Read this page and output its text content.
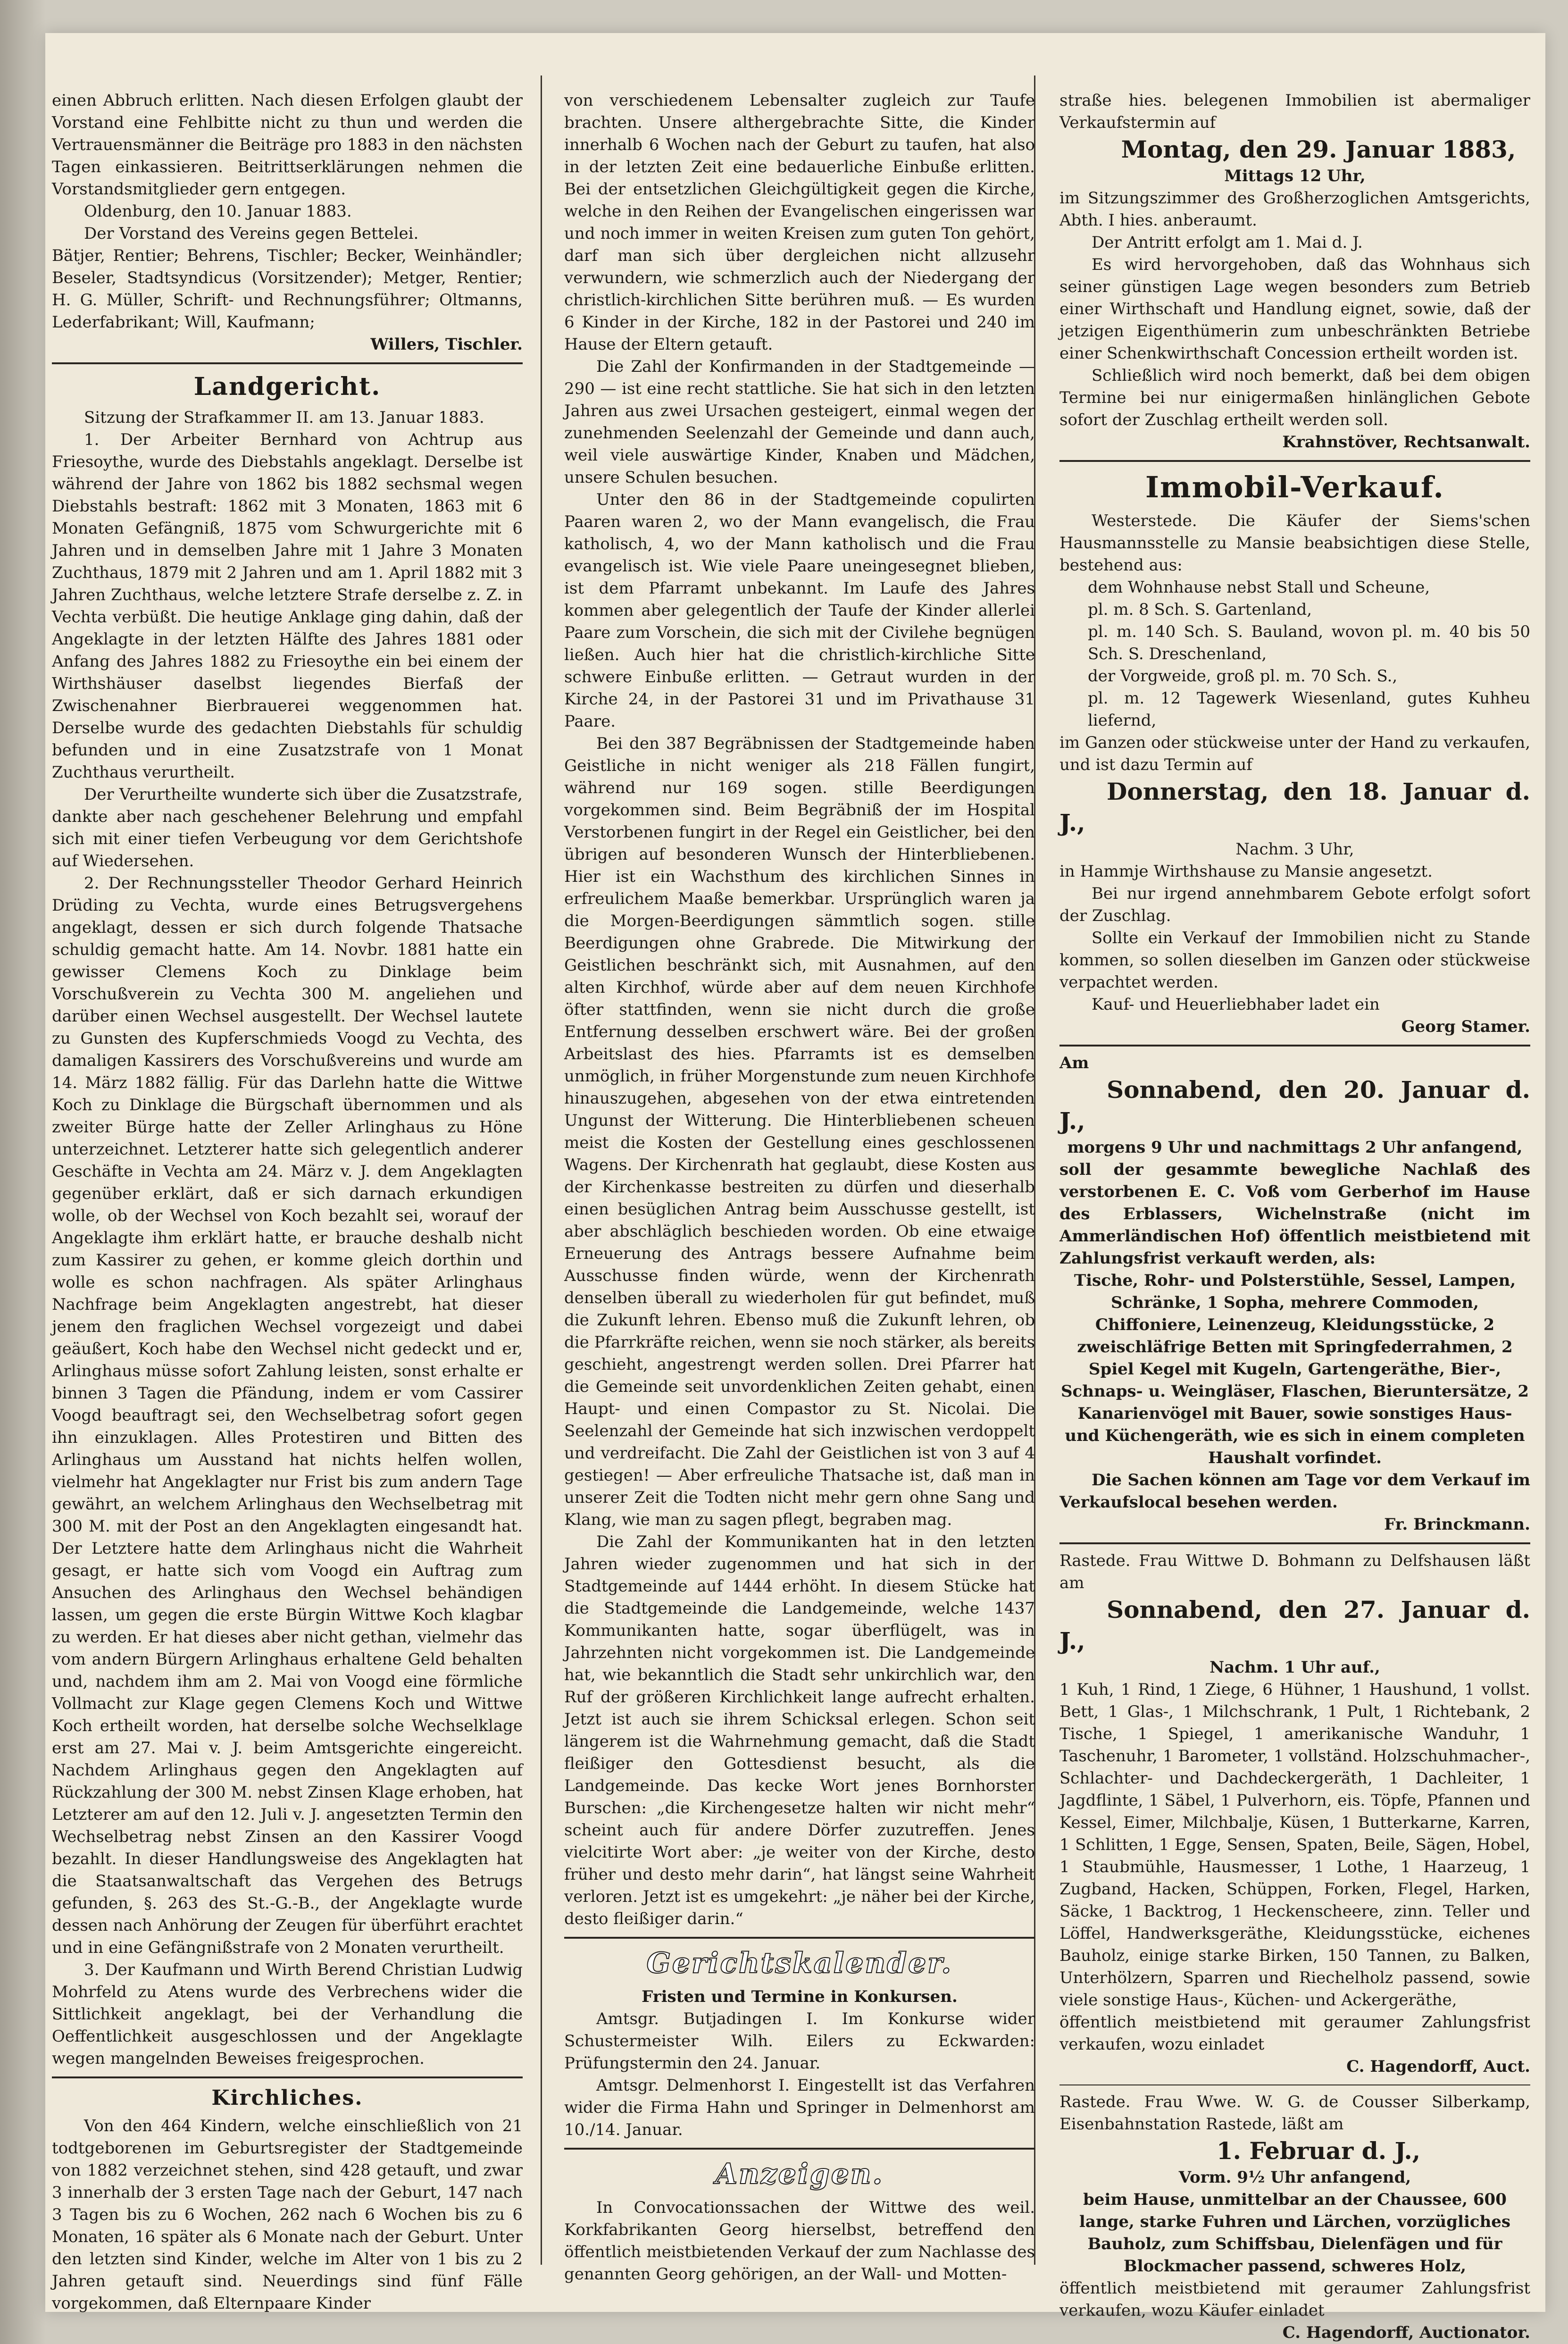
einen Abbruch erlitten. Nach diesen Erfolgen glaubt der Vorstand eine Fehlbitte nicht zu thun und werden die Vertrauensmänner die Beiträge pro 1883 in den nächsten Tagen einkassieren. Beitrittserklärungen nehmen die Vorstandsmitglieder gern entgegen.

Oldenburg, den 10. Januar 1883.

Der Vorstand des Vereins gegen Bettelei.

Bätjer, Rentier; Behrens, Tischler; Becker, Weinhändler; Beseler, Stadtsyndicus (Vorsitzender); Metger, Rentier; H. G. Müller, Schrift- und Rechnungsführer; Oltmanns, Lederfabrikant; Will, Kaufmann;

Willers, Tischler.

Landgericht.

Sitzung der Strafkammer II. am 13. Januar 1883.

1. Der Arbeiter Bernhard von Achtrup aus Friesoythe, wurde des Diebstahls angeklagt. Derselbe ist während der Jahre von 1862 bis 1882 sechsmal wegen Diebstahls bestraft: 1862 mit 3 Monaten, 1863 mit 6 Monaten Gefängniß, 1875 vom Schwurgerichte mit 6 Jahren und in demselben Jahre mit 1 Jahre 3 Monaten Zuchthaus, 1879 mit 2 Jahren und am 1. April 1882 mit 3 Jahren Zuchthaus, welche letztere Strafe derselbe z. Z. in Vechta verbüßt. Die heutige Anklage ging dahin, daß der Angeklagte in der letzten Hälfte des Jahres 1881 oder Anfang des Jahres 1882 zu Friesoythe ein bei einem der Wirthshäuser daselbst liegendes Bierfaß der Zwischenahner Bierbrauerei weggenommen hat. Derselbe wurde des gedachten Diebstahls für schuldig befunden und in eine Zusatzstrafe von 1 Monat Zuchthaus verurtheilt.

Der Verurtheilte wunderte sich über die Zusatzstrafe, dankte aber nach geschehener Belehrung und empfahl sich mit einer tiefen Verbeugung vor dem Gerichtshofe auf Wiedersehen.

2. Der Rechnungssteller Theodor Gerhard Heinrich Drüding zu Vechta, wurde eines Betrugsvergehens angeklagt, dessen er sich durch folgende Thatsache schuldig gemacht hatte. Am 14. Novbr. 1881 hatte ein gewisser Clemens Koch zu Dinklage beim Vorschußverein zu Vechta 300 M. angeliehen und darüber einen Wechsel ausgestellt. Der Wechsel lautete zu Gunsten des Kupferschmieds Voogd zu Vechta, des damaligen Kassirers des Vorschußvereins und wurde am 14. März 1882 fällig. Für das Darlehn hatte die Wittwe Koch zu Dinklage die Bürgschaft übernommen und als zweiter Bürge hatte der Zeller Arlinghaus zu Höne unterzeichnet. Letzterer hatte sich gelegentlich anderer Geschäfte in Vechta am 24. März v. J. dem Angeklagten gegenüber erklärt, daß er sich darnach erkundigen wolle, ob der Wechsel von Koch bezahlt sei, worauf der Angeklagte ihm erklärt hatte, er brauche deshalb nicht zum Kassirer zu gehen, er komme gleich dorthin und wolle es schon nachfragen. Als später Arlinghaus Nachfrage beim Angeklagten angestrebt, hat dieser jenem den fraglichen Wechsel vorgezeigt und dabei geäußert, Koch habe den Wechsel nicht gedeckt und er, Arlinghaus müsse sofort Zahlung leisten, sonst erhalte er binnen 3 Tagen die Pfändung, indem er vom Cassirer Voogd beauftragt sei, den Wechselbetrag sofort gegen ihn einzuklagen. Alles Protestiren und Bitten des Arlinghaus um Ausstand hat nichts helfen wollen, vielmehr hat Angeklagter nur Frist bis zum andern Tage gewährt, an welchem Arlinghaus den Wechselbetrag mit 300 M. mit der Post an den Angeklagten eingesandt hat. Der Letztere hatte dem Arlinghaus nicht die Wahrheit gesagt, er hatte sich vom Voogd ein Auftrag zum Ansuchen des Arlinghaus den Wechsel behändigen lassen, um gegen die erste Bürgin Wittwe Koch klagbar zu werden. Er hat dieses aber nicht gethan, vielmehr das vom andern Bürgern Arlinghaus erhaltene Geld behalten und, nachdem ihm am 2. Mai von Voogd eine förmliche Vollmacht zur Klage gegen Clemens Koch und Wittwe Koch ertheilt worden, hat derselbe solche Wechselklage erst am 27. Mai v. J. beim Amtsgerichte eingereicht. Nachdem Arlinghaus gegen den Angeklagten auf Rückzahlung der 300 M. nebst Zinsen Klage erhoben, hat Letzterer am auf den 12. Juli v. J. angesetzten Termin den Wechselbetrag nebst Zinsen an den Kassirer Voogd bezahlt. In dieser Handlungsweise des Angeklagten hat die Staatsanwaltschaft das Vergehen des Betrugs gefunden, §. 263 des St.-G.-B., der Angeklagte wurde dessen nach Anhörung der Zeugen für überführt erachtet und in eine Gefängnißstrafe von 2 Monaten verurtheilt.

3. Der Kaufmann und Wirth Berend Christian Ludwig Mohrfeld zu Atens wurde des Verbrechens wider die Sittlichkeit angeklagt, bei der Verhandlung die Oeffentlichkeit ausgeschlossen und der Angeklagte wegen mangelnden Beweises freigesprochen.

Kirchliches.

Von den 464 Kindern, welche einschließlich von 21 todtgeborenen im Geburtsregister der Stadtgemeinde von 1882 verzeichnet stehen, sind 428 getauft, und zwar 3 innerhalb der 3 ersten Tage nach der Geburt, 147 nach 3 Tagen bis zu 6 Wochen, 262 nach 6 Wochen bis zu 6 Monaten, 16 später als 6 Monate nach der Geburt. Unter den letzten sind Kinder, welche im Alter von 1 bis zu 2 Jahren getauft sind. Neuerdings sind fünf Fälle vorgekommen, daß Elternpaare Kinder

von verschiedenem Lebensalter zugleich zur Taufe brachten. Unsere althergebrachte Sitte, die Kinder innerhalb 6 Wochen nach der Geburt zu taufen, hat also in der letzten Zeit eine bedauerliche Einbuße erlitten. Bei der entsetzlichen Gleichgültigkeit gegen die Kirche, welche in den Reihen der Evangelischen eingerissen war und noch immer in weiten Kreisen zum guten Ton gehört, darf man sich über dergleichen nicht allzusehr verwundern, wie schmerzlich auch der Niedergang der christlich-kirchlichen Sitte berühren muß. — Es wurden 6 Kinder in der Kirche, 182 in der Pastorei und 240 im Hause der Eltern getauft.

Die Zahl der Konfirmanden in der Stadtgemeinde — 290 — ist eine recht stattliche. Sie hat sich in den letzten Jahren aus zwei Ursachen gesteigert, einmal wegen der zunehmenden Seelenzahl der Gemeinde und dann auch, weil viele auswärtige Kinder, Knaben und Mädchen, unsere Schulen besuchen.

Unter den 86 in der Stadtgemeinde copulirten Paaren waren 2, wo der Mann evangelisch, die Frau katholisch, 4, wo der Mann katholisch und die Frau evangelisch ist. Wie viele Paare uneingesegnet blieben, ist dem Pfarramt unbekannt. Im Laufe des Jahres kommen aber gelegentlich der Taufe der Kinder allerlei Paare zum Vorschein, die sich mit der Civilehe begnügen ließen. Auch hier hat die christlich-kirchliche Sitte schwere Einbuße erlitten. — Getraut wurden in der Kirche 24, in der Pastorei 31 und im Privathause 31 Paare.

Bei den 387 Begräbnissen der Stadtgemeinde haben Geistliche in nicht weniger als 218 Fällen fungirt, während nur 169 sogen. stille Beerdigungen vorgekommen sind. Beim Begräbniß der im Hospital Verstorbenen fungirt in der Regel ein Geistlicher, bei den übrigen auf besonderen Wunsch der Hinterbliebenen. Hier ist ein Wachsthum des kirchlichen Sinnes in erfreulichem Maaße bemerkbar. Ursprünglich waren ja die Morgen-Beerdigungen sämmtlich sogen. stille Beerdigungen ohne Grabrede. Die Mitwirkung der Geistlichen beschränkt sich, mit Ausnahmen, auf den alten Kirchhof, würde aber auf dem neuen Kirchhofe öfter stattfinden, wenn sie nicht durch die große Entfernung desselben erschwert wäre. Bei der großen Arbeitslast des hies. Pfarramts ist es demselben unmöglich, in früher Morgenstunde zum neuen Kirchhofe hinauszugehen, abgesehen von der etwa eintretenden Ungunst der Witterung. Die Hinterbliebenen scheuen meist die Kosten der Gestellung eines geschlossenen Wagens. Der Kirchenrath hat geglaubt, diese Kosten aus der Kirchenkasse bestreiten zu dürfen und dieserhalb einen besüglichen Antrag beim Ausschusse gestellt, ist aber abschläglich beschieden worden. Ob eine etwaige Erneuerung des Antrags bessere Aufnahme beim Ausschusse finden würde, wenn der Kirchenrath denselben überall zu wiederholen für gut befindet, muß die Zukunft lehren. Ebenso muß die Zukunft lehren, ob die Pfarrkräfte reichen, wenn sie noch stärker, als bereits geschieht, angestrengt werden sollen. Drei Pfarrer hat die Gemeinde seit unvordenklichen Zeiten gehabt, einen Haupt- und einen Compastor zu St. Nicolai. Die Seelenzahl der Gemeinde hat sich inzwischen verdoppelt und verdreifacht. Die Zahl der Geistlichen ist von 3 auf 4 gestiegen! — Aber erfreuliche Thatsache ist, daß man in unserer Zeit die Todten nicht mehr gern ohne Sang und Klang, wie man zu sagen pflegt, begraben mag.

Die Zahl der Kommunikanten hat in den letzten Jahren wieder zugenommen und hat sich in der Stadtgemeinde auf 1444 erhöht. In diesem Stücke hat die Stadtgemeinde die Landgemeinde, welche 1437 Kommunikanten hatte, sogar überflügelt, was in Jahrzehnten nicht vorgekommen ist. Die Landgemeinde hat, wie bekanntlich die Stadt sehr unkirchlich war, den Ruf der größeren Kirchlichkeit lange aufrecht erhalten. Jetzt ist auch sie ihrem Schicksal erlegen. Schon seit längerem ist die Wahrnehmung gemacht, daß die Stadt fleißiger den Gottesdienst besucht, als die Landgemeinde. Das kecke Wort jenes Bornhorster Burschen: „die Kirchengesetze halten wir nicht mehr“ scheint auch für andere Dörfer zuzutreffen. Jenes vielcitirte Wort aber: „je weiter von der Kirche, desto früher und desto mehr darin“, hat längst seine Wahrheit verloren. Jetzt ist es umgekehrt: „je näher bei der Kirche, desto fleißiger darin.“

Gerichtskalender.

Fristen und Termine in Konkursen.

Amtsgr. Butjadingen I. Im Konkurse wider Schustermeister Wilh. Eilers zu Eckwarden: Prüfungstermin den 24. Januar.

Amtsgr. Delmenhorst I. Eingestellt ist das Verfahren wider die Firma Hahn und Springer in Delmenhorst am 10./14. Januar.

Anzeigen.

In Convocationssachen der Wittwe des weil. Korkfabrikanten Georg hierselbst, betreffend den öffentlich meistbietenden Verkauf der zum Nachlasse des genannten Georg gehörigen, an der Wall- und Motten-

straße hies. belegenen Immobilien ist abermaliger Verkaufstermin auf

Montag, den 29. Januar 1883,

Mittags 12 Uhr,

im Sitzungszimmer des Großherzoglichen Amtsgerichts, Abth. I hies. anberaumt.

Der Antritt erfolgt am 1. Mai d. J.

Es wird hervorgehoben, daß das Wohnhaus sich seiner günstigen Lage wegen besonders zum Betrieb einer Wirthschaft und Handlung eignet, sowie, daß der jetzigen Eigenthümerin zum unbeschränkten Betriebe einer Schenkwirthschaft Concession ertheilt worden ist.

Schließlich wird noch bemerkt, daß bei dem obigen Termine bei nur einigermaßen hinlänglichen Gebote sofort der Zuschlag ertheilt werden soll.

Krahnstöver, Rechtsanwalt.

Immobil-Verkauf.

Westerstede. Die Käufer der Siems'schen Hausmannsstelle zu Mansie beabsichtigen diese Stelle, bestehend aus:

dem Wohnhause nebst Stall und Scheune,

pl. m. 8 Sch. S. Gartenland,

pl. m. 140 Sch. S. Bauland, wovon pl. m. 40 bis 50 Sch. S. Dreschenland,

der Vorgweide, groß pl. m. 70 Sch. S.,

pl. m. 12 Tagewerk Wiesenland, gutes Kuhheu liefernd,

im Ganzen oder stückweise unter der Hand zu verkaufen, und ist dazu Termin auf

Donnerstag, den 18. Januar d. J.,

Nachm. 3 Uhr,

in Hammje Wirthshause zu Mansie angesetzt.

Bei nur irgend annehmbarem Gebote erfolgt sofort der Zuschlag.

Sollte ein Verkauf der Immobilien nicht zu Stande kommen, so sollen dieselben im Ganzen oder stückweise verpachtet werden.

Kauf- und Heuerliebhaber ladet ein

Georg Stamer.

Am

Sonnabend, den 20. Januar d. J.,

morgens 9 Uhr und nachmittags 2 Uhr anfangend,

soll der gesammte bewegliche Nachlaß des verstorbenen E. C. Voß vom Gerberhof im Hause des Erblassers, Wichelnstraße (nicht im Ammerländischen Hof) öffentlich meistbietend mit Zahlungsfrist verkauft werden, als:

Tische, Rohr- und Polsterstühle, Sessel, Lampen, Schränke, 1 Sopha, mehrere Commoden, Chiffoniere, Leinenzeug, Kleidungsstücke, 2 zweischläfrige Betten mit Springfederrahmen, 2 Spiel Kegel mit Kugeln, Gartengeräthe, Bier-, Schnaps- u. Weingläser, Flaschen, Bieruntersätze, 2 Kanarienvögel mit Bauer, sowie sonstiges Haus- und Küchengeräth, wie es sich in einem completen Haushalt vorfindet.

Die Sachen können am Tage vor dem Verkauf im Verkaufslocal besehen werden.

Fr. Brinckmann.

Rastede. Frau Wittwe D. Bohmann zu Delfshausen läßt am

Sonnabend, den 27. Januar d. J.,

Nachm. 1 Uhr auf.,

1 Kuh, 1 Rind, 1 Ziege, 6 Hühner, 1 Haushund, 1 vollst. Bett, 1 Glas-, 1 Milchschrank, 1 Pult, 1 Richtebank, 2 Tische, 1 Spiegel, 1 amerikanische Wanduhr, 1 Taschenuhr, 1 Barometer, 1 vollständ. Holzschuhmacher-, Schlachter- und Dachdeckergeräth, 1 Dachleiter, 1 Jagdflinte, 1 Säbel, 1 Pulverhorn, eis. Töpfe, Pfannen und Kessel, Eimer, Milchbalje, Küsen, 1 Butterkarne, Karren, 1 Schlitten, 1 Egge, Sensen, Spaten, Beile, Sägen, Hobel, 1 Staubmühle, Hausmesser, 1 Lothe, 1 Haarzeug, 1 Zugband, Hacken, Schüppen, Forken, Flegel, Harken, Säcke, 1 Backtrog, 1 Heckenscheere, zinn. Teller und Löffel, Handwerksgeräthe, Kleidungsstücke, eichenes Bauholz, einige starke Birken, 150 Tannen, zu Balken, Unterhölzern, Sparren und Riechelholz passend, sowie viele sonstige Haus-, Küchen- und Ackergeräthe,

öffentlich meistbietend mit geraumer Zahlungsfrist verkaufen, wozu einladet

C. Hagendorff, Auct.

Rastede. Frau Wwe. W. G. de Cousser Silberkamp, Eisenbahnstation Rastede, läßt am

1. Februar d. J.,

Vorm. 9½ Uhr anfangend,

beim Hause, unmittelbar an der Chaussee, 600 lange, starke Fuhren und Lärchen, vorzügliches Bauholz, zum Schiffsbau, Dielenfägen und für Blockmacher passend, schweres Holz,

öffentlich meistbietend mit geraumer Zahlungsfrist verkaufen, wozu Käufer einladet

C. Hagendorff, Auctionator.
